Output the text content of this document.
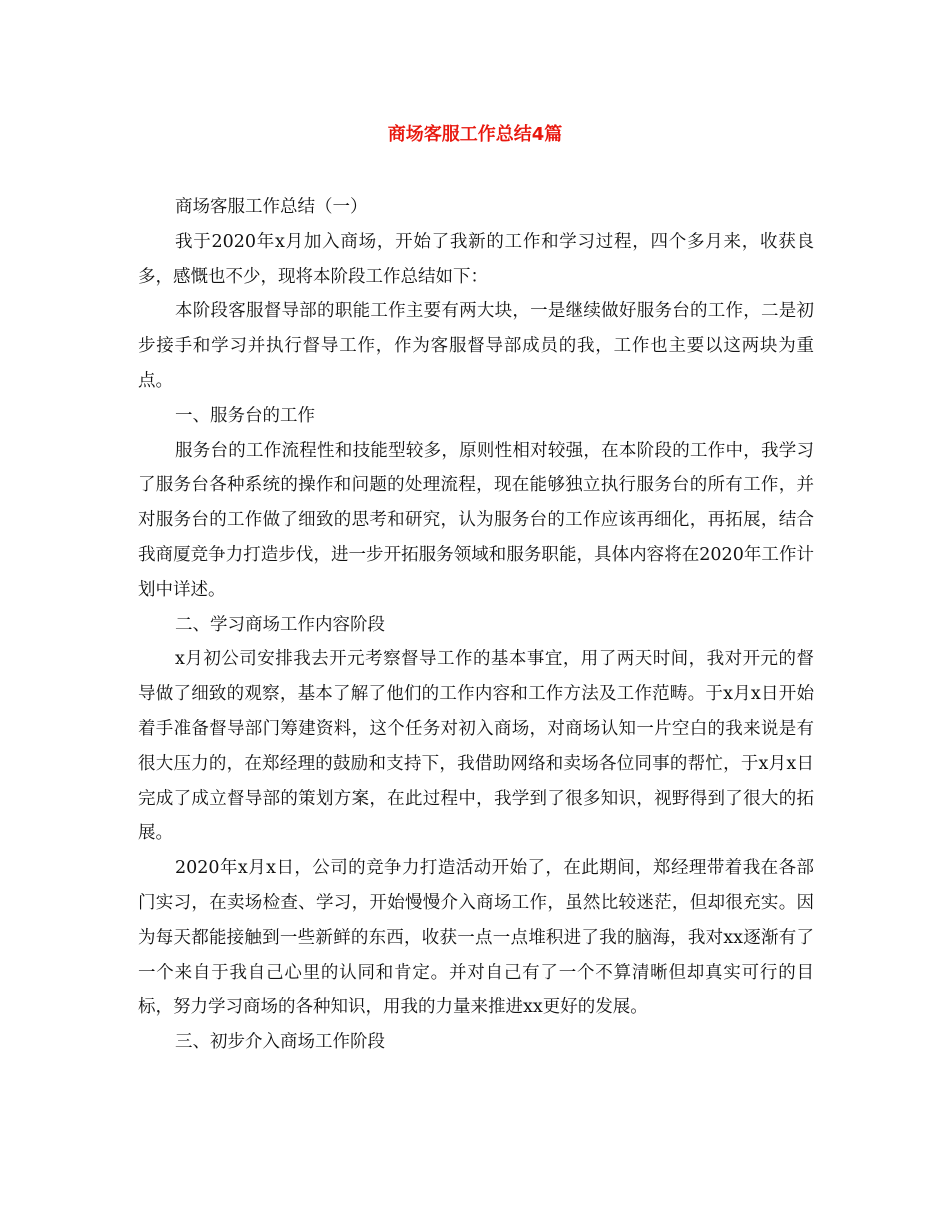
商场客服工作总结4篇

商场客服工作总结（一）

我于2020年x月加入商场，开始了我新的工作和学习过程，四个多月来，收获良多，感慨也不少，现将本阶段工作总结如下：

本阶段客服督导部的职能工作主要有两大块，一是继续做好服务台的工作，二是初步接手和学习并执行督导工作，作为客服督导部成员的我，工作也主要以这两块为重点。

一、服务台的工作

服务台的工作流程性和技能型较多，原则性相对较强，在本阶段的工作中，我学习了服务台各种系统的操作和问题的处理流程，现在能够独立执行服务台的所有工作，并对服务台的工作做了细致的思考和研究，认为服务台的工作应该再细化，再拓展，结合我商厦竞争力打造步伐，进一步开拓服务领域和服务职能，具体内容将在2020年工作计划中详述。

二、学习商场工作内容阶段

x月初公司安排我去开元考察督导工作的基本事宜，用了两天时间，我对开元的督导做了细致的观察，基本了解了他们的工作内容和工作方法及工作范畴。于x月x日开始着手准备督导部门筹建资料，这个任务对初入商场，对商场认知一片空白的我来说是有很大压力的，在郑经理的鼓励和支持下，我借助网络和卖场各位同事的帮忙，于x月x日完成了成立督导部的策划方案，在此过程中，我学到了很多知识，视野得到了很大的拓展。

2020年x月x日，公司的竞争力打造活动开始了，在此期间，郑经理带着我在各部门实习，在卖场检查、学习，开始慢慢介入商场工作，虽然比较迷茫，但却很充实。因为每天都能接触到一些新鲜的东西，收获一点一点堆积进了我的脑海，我对xx逐渐有了一个来自于我自己心里的认同和肯定。并对自己有了一个不算清晰但却真实可行的目标，努力学习商场的各种知识，用我的力量来推进xx更好的发展。

三、初步介入商场工作阶段
